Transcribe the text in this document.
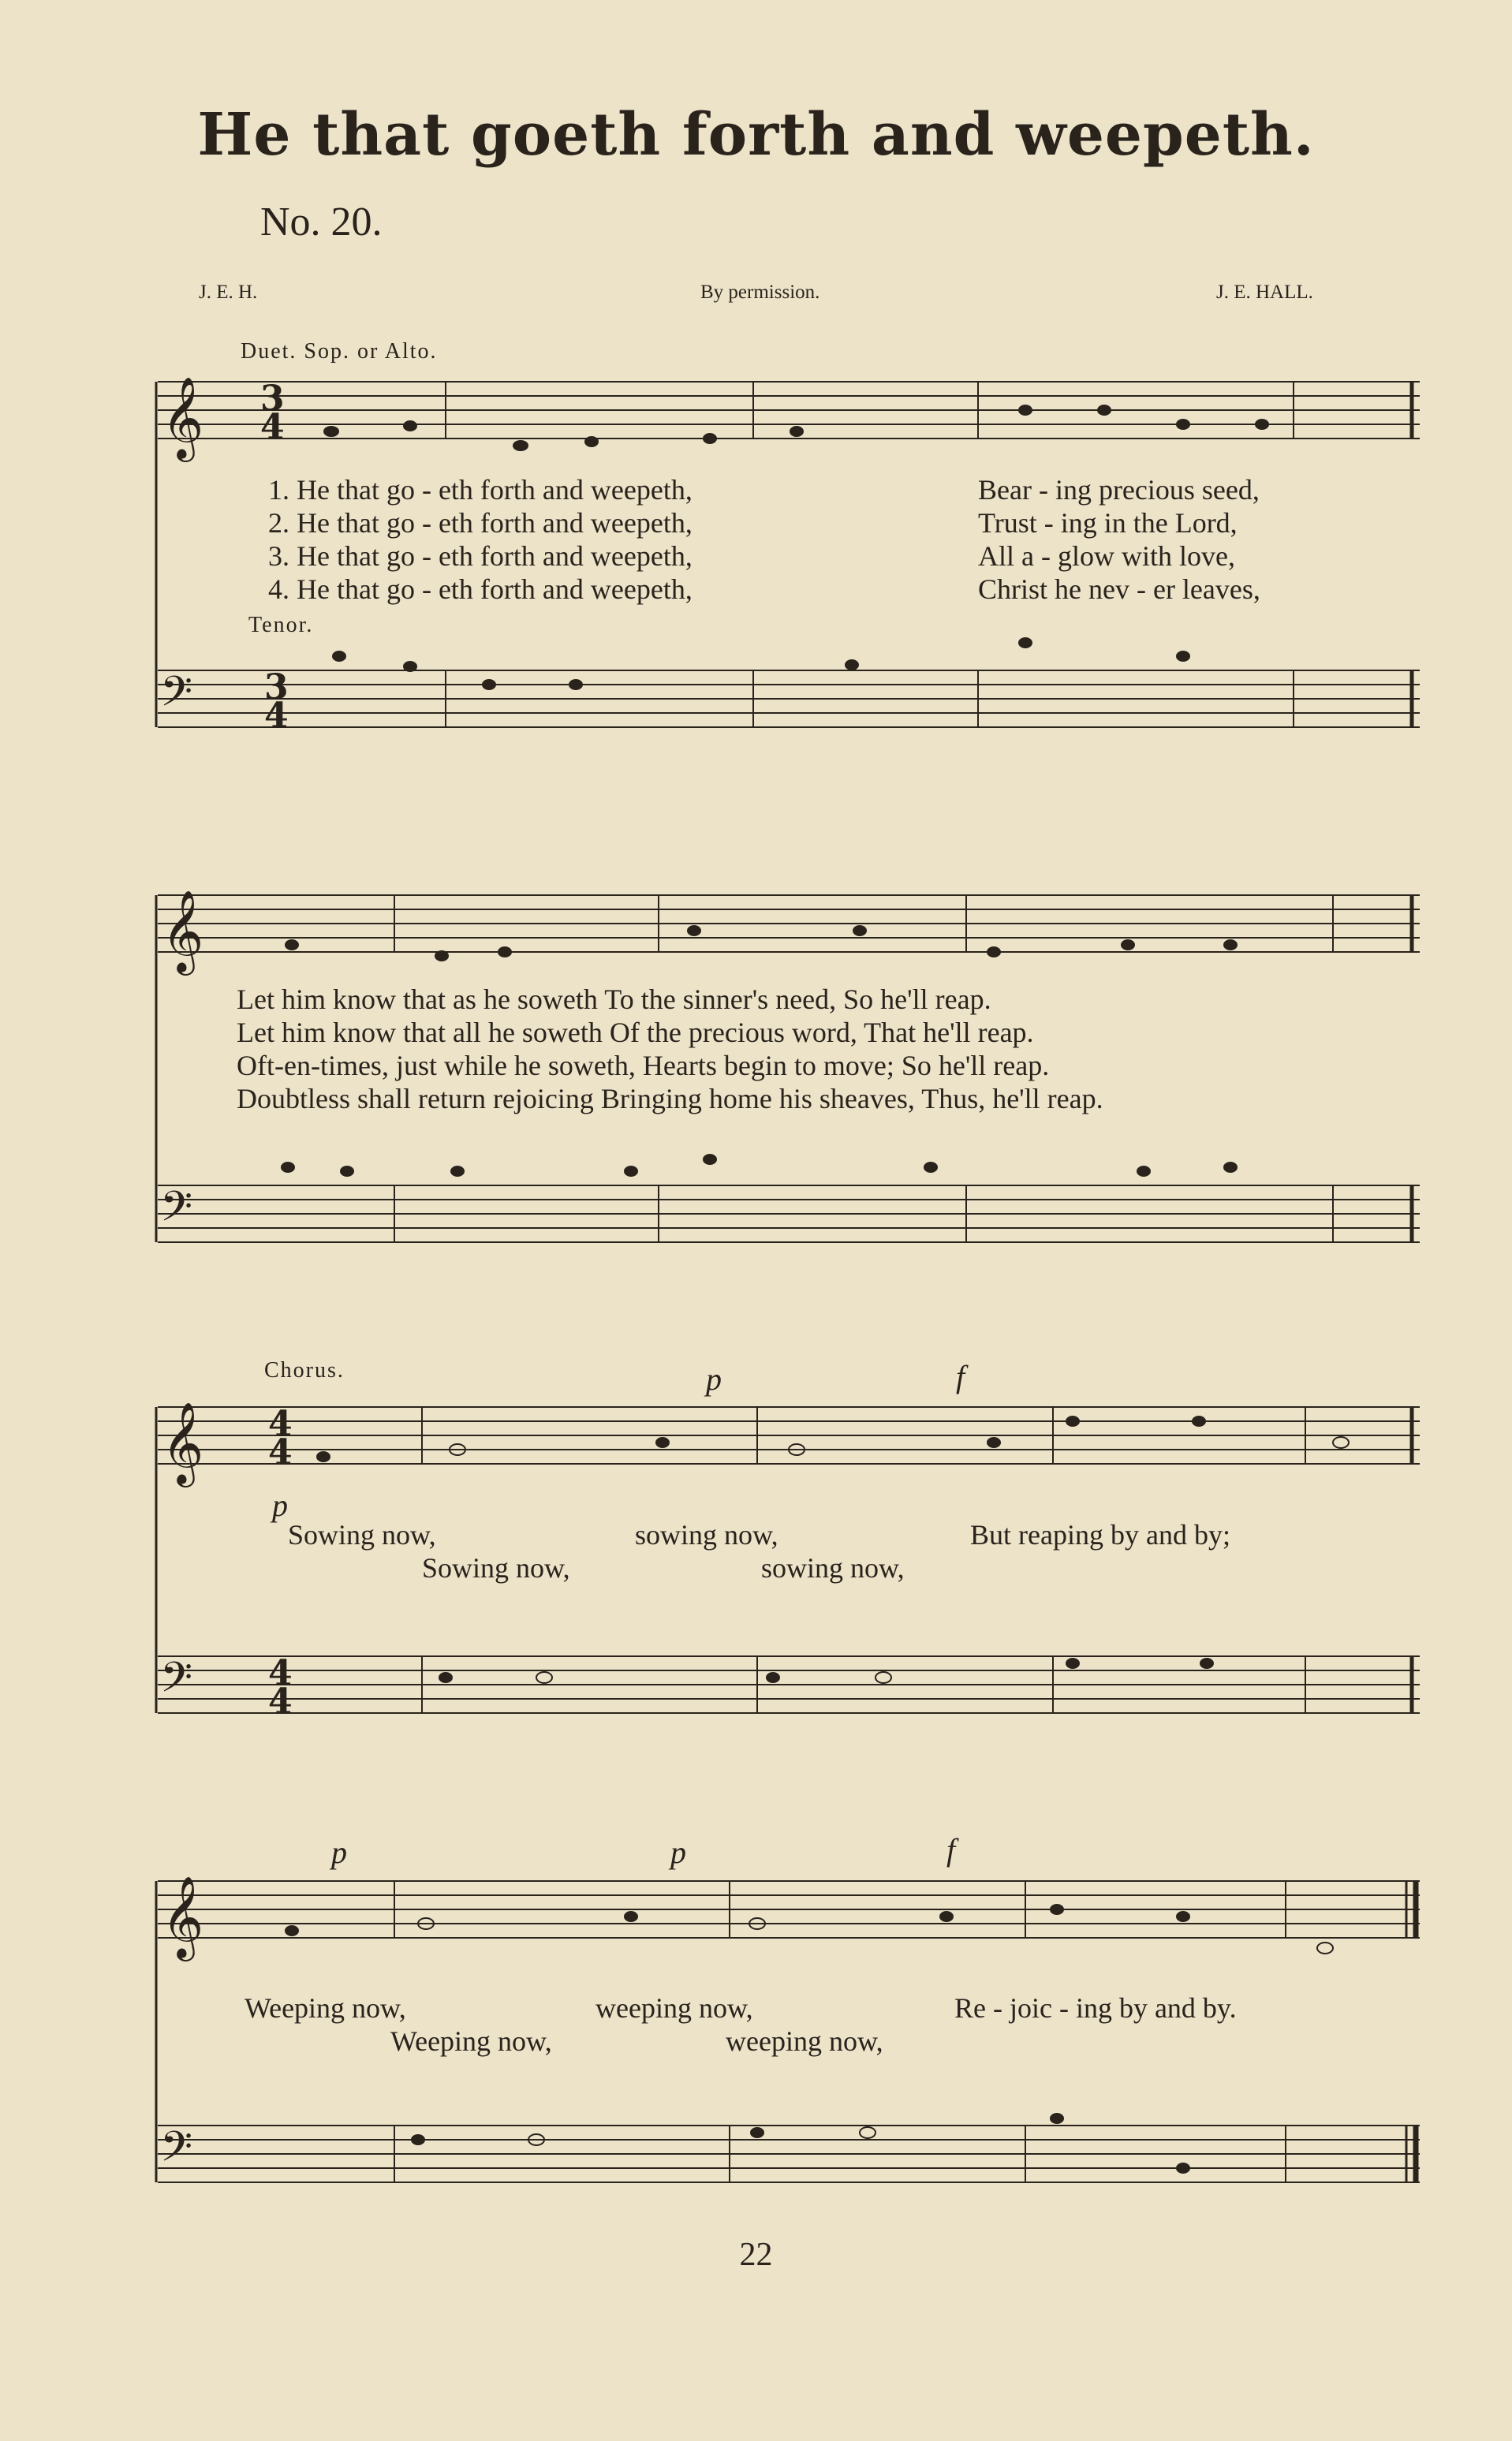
He that goeth forth and weepeth.
No. 20.
J. E. H.	By permission.	J. E. HALL.
𝄞 3
4
𝄢 3
4
𝄞
𝄢
𝄞 4
4
𝄢 4
4
𝄞
𝄢
Duet. Sop. or Alto.
Tenor.
Chorus.
1. He that go - eth forth and weepeth,	Bear - ing precious seed,
2. He that go - eth forth and weepeth,	Trust - ing in the Lord,
3. He that go - eth forth and weepeth,	All a - glow with love,
4. He that go - eth forth and weepeth,	Christ he nev - er leaves,
Let him know that as he soweth To the sinner's need, So he'll reap.
Let him know that all he soweth Of the precious word, That he'll reap.
Oft-en-times, just while he soweth, Hearts begin to move; So he'll reap.
Doubtless shall return rejoicing Bringing home his sheaves, Thus, he'll reap.
p
p	f
p	p	f
Sowing now,	sowing now,	But reaping by and by;
Sowing now,	sowing now,
Weeping now,	weeping now,	Re - joic - ing by and by.
Weeping now,	weeping now,
22
